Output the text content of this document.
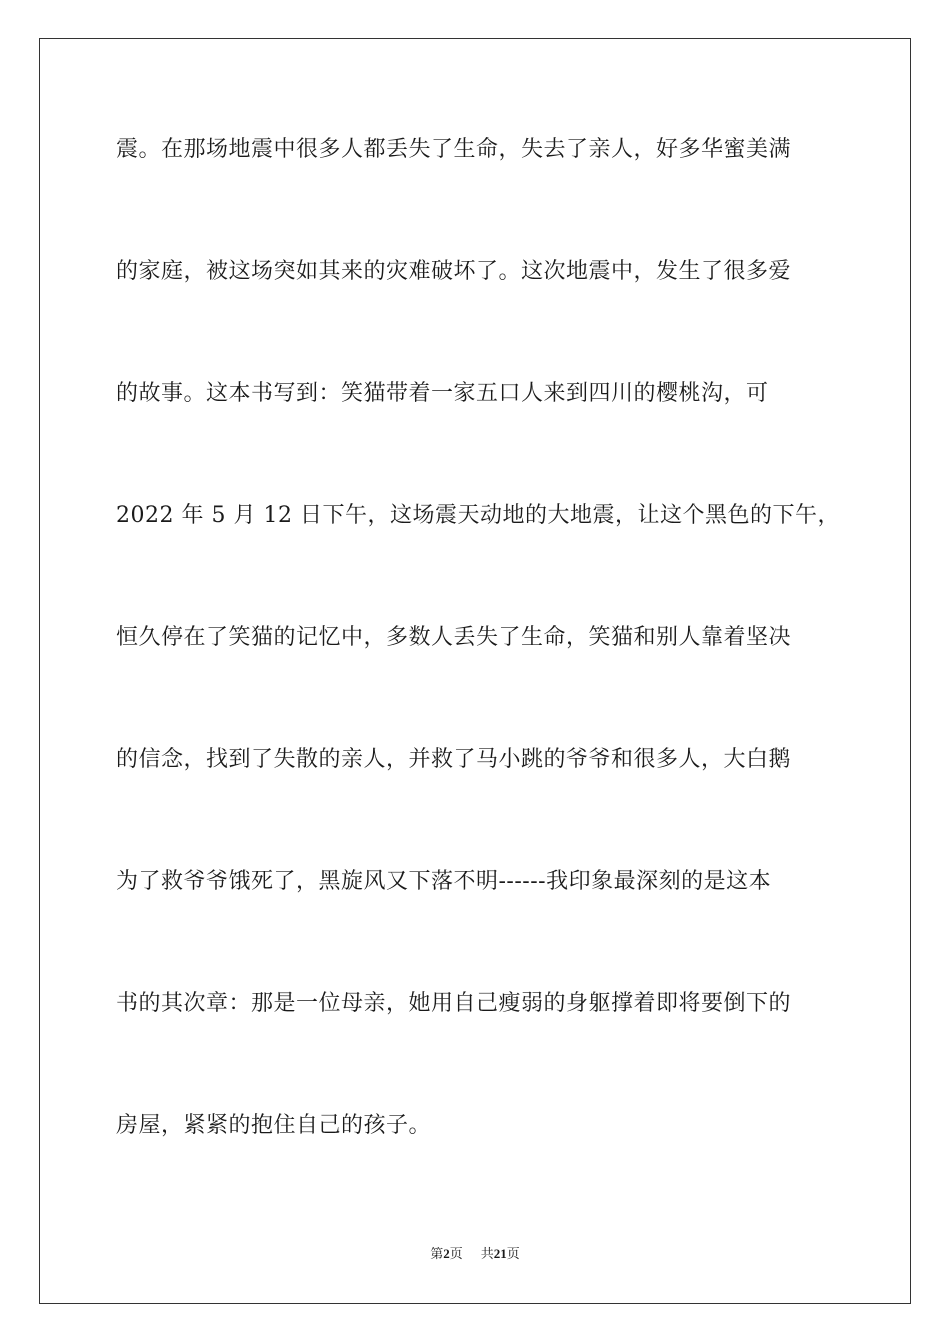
震。在那场地震中很多人都丢失了生命，失去了亲人，好多华蜜美满
的家庭，被这场突如其来的灾难破坏了。这次地震中，发生了很多爱
的故事。这本书写到：笑猫带着一家五口人来到四川的樱桃沟，可
2022 年 5 月 12 日下午，这场震天动地的大地震，让这个黑色的下午，
恒久停在了笑猫的记忆中，多数人丢失了生命，笑猫和别人靠着坚决
的信念，找到了失散的亲人，并救了马小跳的爷爷和很多人，大白鹅
为了救爷爷饿死了，黑旋风又下落不明------我印象最深刻的是这本
书的其次章：那是一位母亲，她用自己瘦弱的身躯撑着即将要倒下的
房屋，紧紧的抱住自己的孩子。
第2页 共21页
